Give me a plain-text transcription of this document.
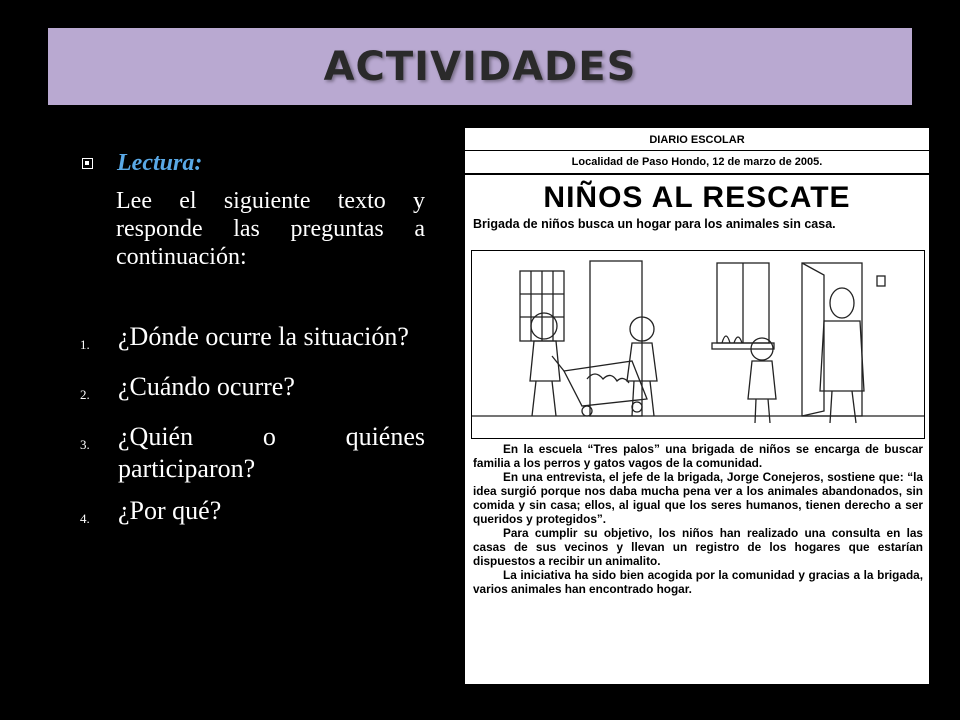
ACTIVIDADES
Lectura:
Lee el siguiente texto y responde las preguntas a continuación:
1.	¿Dónde ocurre la situación?
2.	¿Cuándo ocurre?
3.	¿Quién o quiénes participaron?
4.	¿Por qué?
DIARIO ESCOLAR
Localidad de Paso Hondo, 12 de marzo de 2005.
NIÑOS AL RESCATE
Brigada de niños busca un hogar para los animales sin casa.

En la escuela “Tres palos” una brigada de niños se encarga de buscar familia a los perros y gatos vagos de la comunidad.

En una entrevista, el jefe de la brigada, Jorge Conejeros, sostiene que: “la idea surgió porque nos daba mucha pena ver a los animales abandonados, sin comida y sin casa; ellos, al igual que los seres humanos, tienen derecho a ser queridos y protegidos”.

Para cumplir su objetivo, los niños han realizado una consulta en las casas de sus vecinos y llevan un registro de los hogares que estarían dispuestos a recibir un animalito.

La iniciativa ha sido bien acogida por la comunidad y gracias a la brigada, varios animales han encontrado hogar.
